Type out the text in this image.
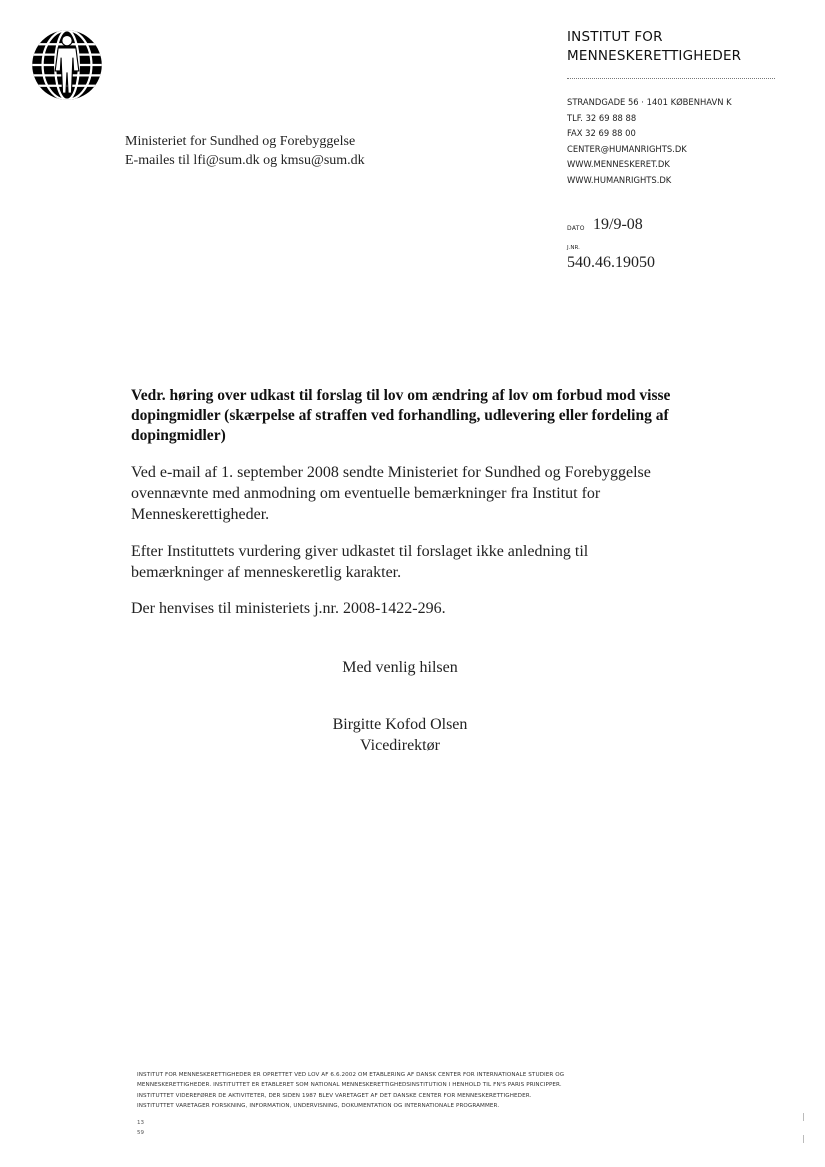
INSTITUT FOR
MENNESKERETTIGHEDER
STRANDGADE 56 · 1401 KØBENHAVN K
TLF. 32 69 88 88
FAX 32 69 88 00
CENTER@HUMANRIGHTS.DK
WWW.MENNESKERET.DK
WWW.HUMANRIGHTS.DK
Ministeriet for Sundhed og Forebyggelse
E-mailes til lfi@sum.dk og kmsu@sum.dk
DATO 19/9-08
J.NR.
540.46.19050
Vedr. høring over udkast til forslag til lov om ændring af lov om forbud mod visse dopingmidler (skærpelse af straffen ved forhandling, udlevering eller fordeling af dopingmidler)
Ved e-mail af 1. september 2008 sendte Ministeriet for Sundhed og Forebyggelse
ovennævnte med anmodning om eventuelle bemærkninger fra Institut for
Menneskerettigheder.
Efter Instituttets vurdering giver udkastet til forslaget ikke anledning til
bemærkninger af menneskeretlig karakter.
Der henvises til ministeriets j.nr. 2008-1422-296.
Med venlig hilsen
Birgitte Kofod Olsen
Vicedirektør
INSTITUT FOR MENNESKERETTIGHEDER ER OPRETTET VED LOV AF 6.6.2002 OM ETABLERING AF DANSK CENTER FOR INTERNATIONALE STUDIER OG
MENNESKERETTIGHEDER. INSTITUTTET ER ETABLERET SOM NATIONAL MENNESKERETTIGHEDSINSTITUTION I HENHOLD TIL FN'S PARIS PRINCIPPER.
INSTITUTTET VIDEREFØRER DE AKTIVITETER, DER SIDEN 1987 BLEV VARETAGET AF DET DANSKE CENTER FOR MENNESKERETTIGHEDER.
INSTITUTTET VARETAGER FORSKNING, INFORMATION, UNDERVISNING, DOKUMENTATION OG INTERNATIONALE PROGRAMMER.
13
59
